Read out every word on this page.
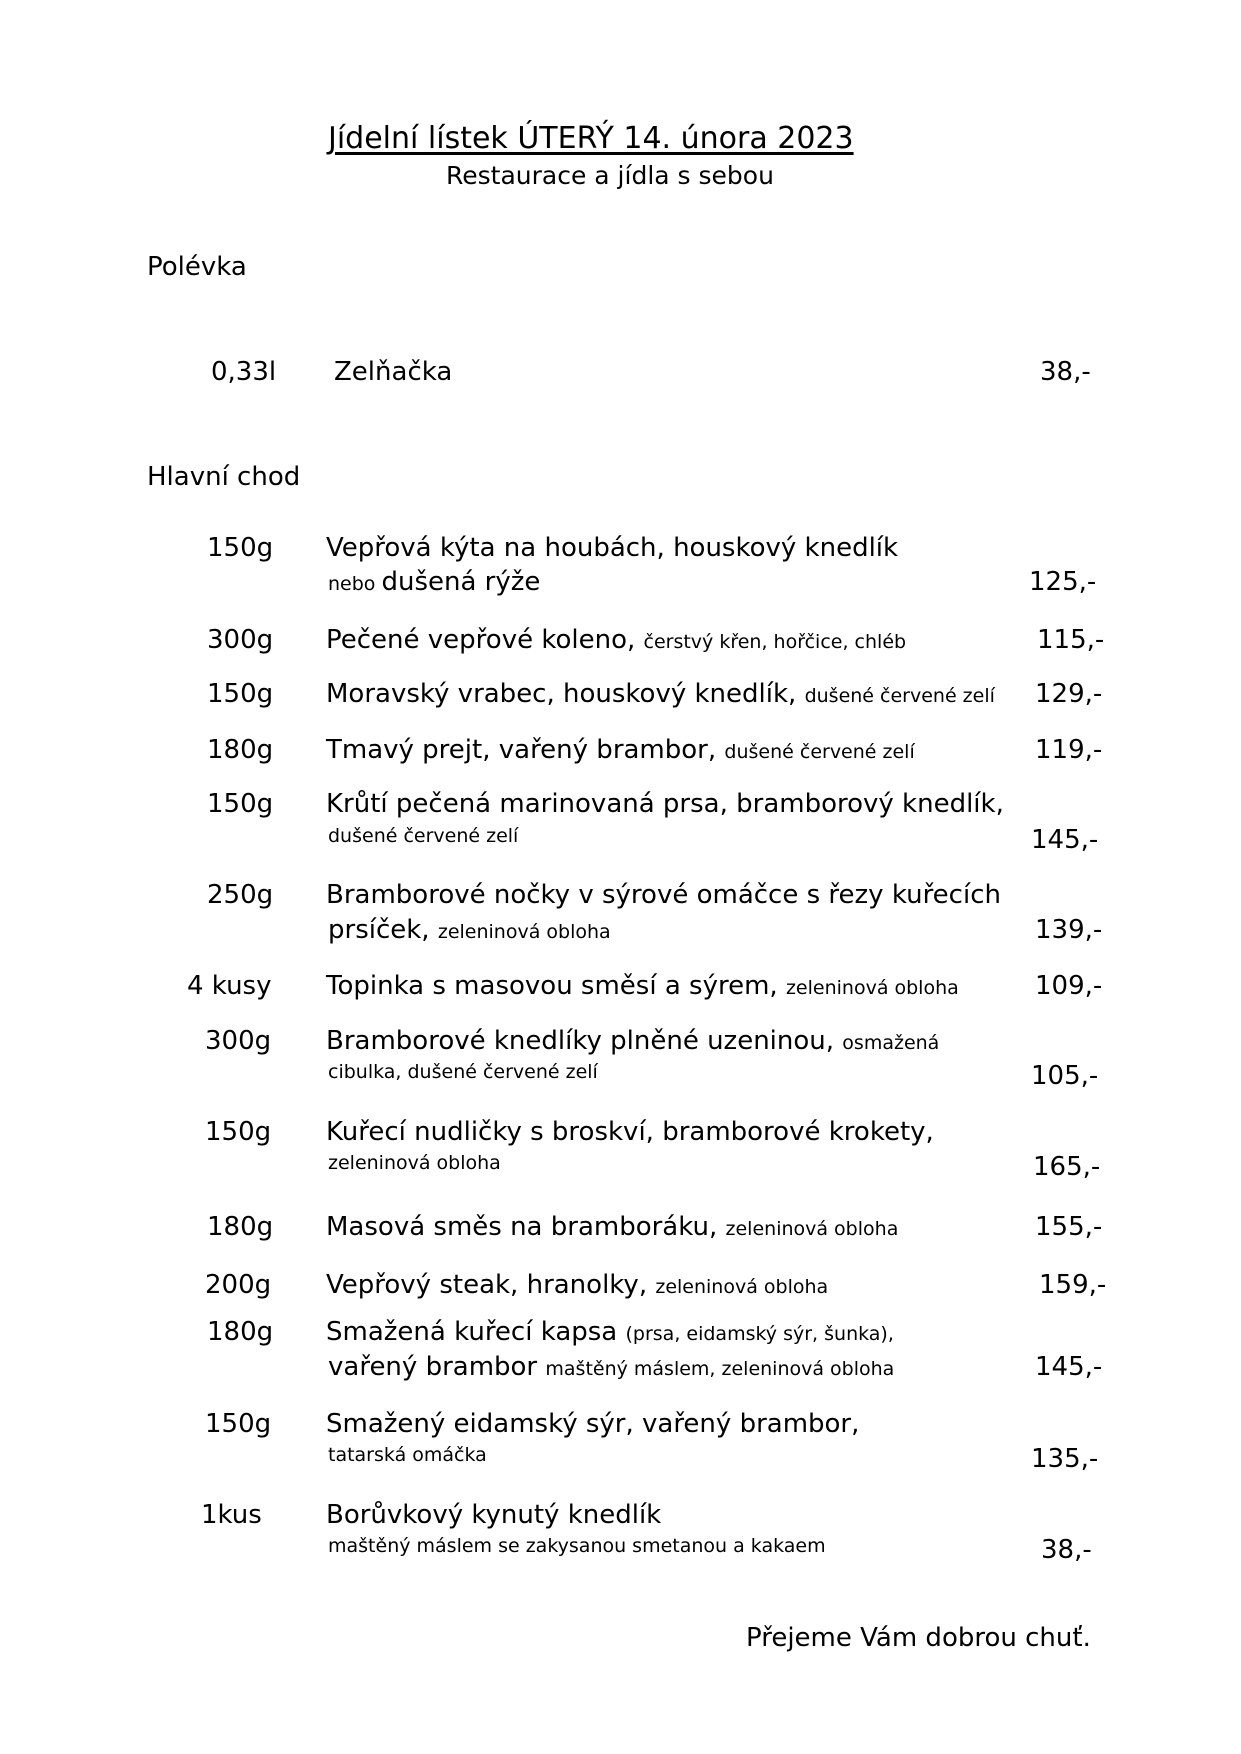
Jídelní lístek ÚTERÝ 14. února 2023
Restaurace a jídla s sebou
Polévka
0,33l Zelňačka	38,-
Hlavní chod
150g Vepřová kýta na houbách, houskový knedlík
nebo dušená rýže	125,-
300g Pečené vepřové koleno, čerstvý křen, hořčice, chléb	115,-
150g Moravský vrabec, houskový knedlík, dušené červené zelí 129,-
180g Tmavý prejt, vařený brambor, dušené červené zelí	119,-
150g Krůtí pečená marinovaná prsa, bramborový knedlík,
dušené červené zelí	145,-
250g Bramborové nočky v sýrové omáčce s řezy kuřecích
prsíček, zeleninová obloha	139,-
4 kusy Topinka s masovou směsí a sýrem, zeleninová obloha	109,-
300g Bramborové knedlíky plněné uzeninou, osmažená
cibulka, dušené červené zelí	105,-
150g Kuřecí nudličky s broskví, bramborové krokety,
zeleninová obloha	165,-
180g Masová směs na bramboráku, zeleninová obloha	155,-
200g Vepřový steak, hranolky, zeleninová obloha	159,-
180g Smažená kuřecí kapsa (prsa, eidamský sýr, šunka),
vařený brambor maštěný máslem, zeleninová obloha	145,-
150g Smažený eidamský sýr, vařený brambor,
tatarská omáčka	135,-
1kus Borůvkový kynutý knedlík
maštěný máslem se zakysanou smetanou a kakaem	38,-
Přejeme Vám dobrou chuť.
